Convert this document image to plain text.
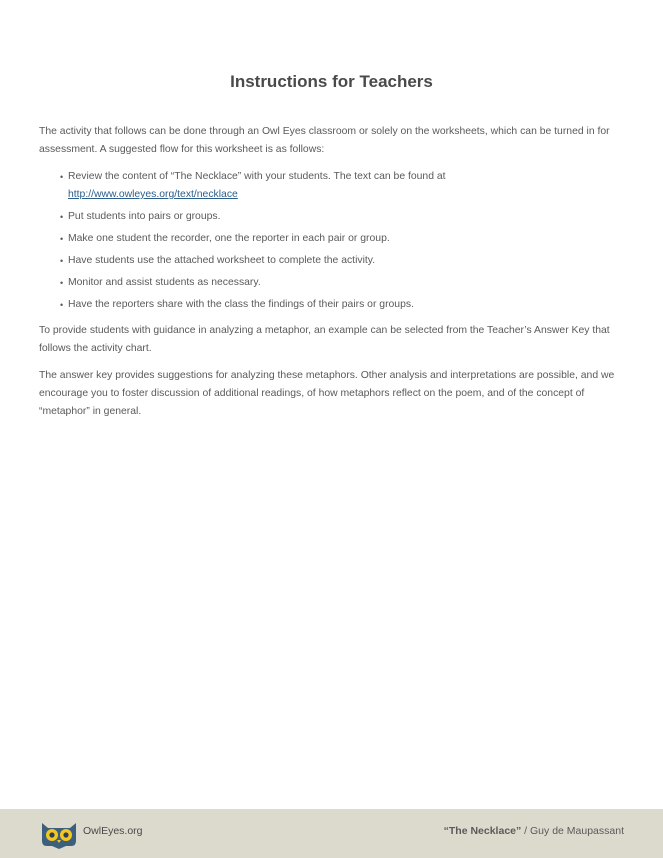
Instructions for Teachers

The activity that follows can be done through an Owl Eyes classroom or solely on the worksheets, which can be turned in for assessment. A suggested flow for this worksheet is as follows:

• Review the content of “The Necklace” with your students. The text can be found at http://www.owleyes.org/text/necklace
• Put students into pairs or groups.
• Make one student the recorder, one the reporter in each pair or group.
• Have students use the attached worksheet to complete the activity.
• Monitor and assist students as necessary.
• Have the reporters share with the class the findings of their pairs or groups.

To provide students with guidance in analyzing a metaphor, an example can be selected from the Teacher’s Answer Key that follows the activity chart.

The answer key provides suggestions for analyzing these metaphors. Other analysis and interpretations are possible, and we encourage you to foster discussion of additional readings, of how metaphors reflect on the poem, and of the concept of “metaphor” in general.

OwlEyes.org	“The Necklace” / Guy de Maupassant
